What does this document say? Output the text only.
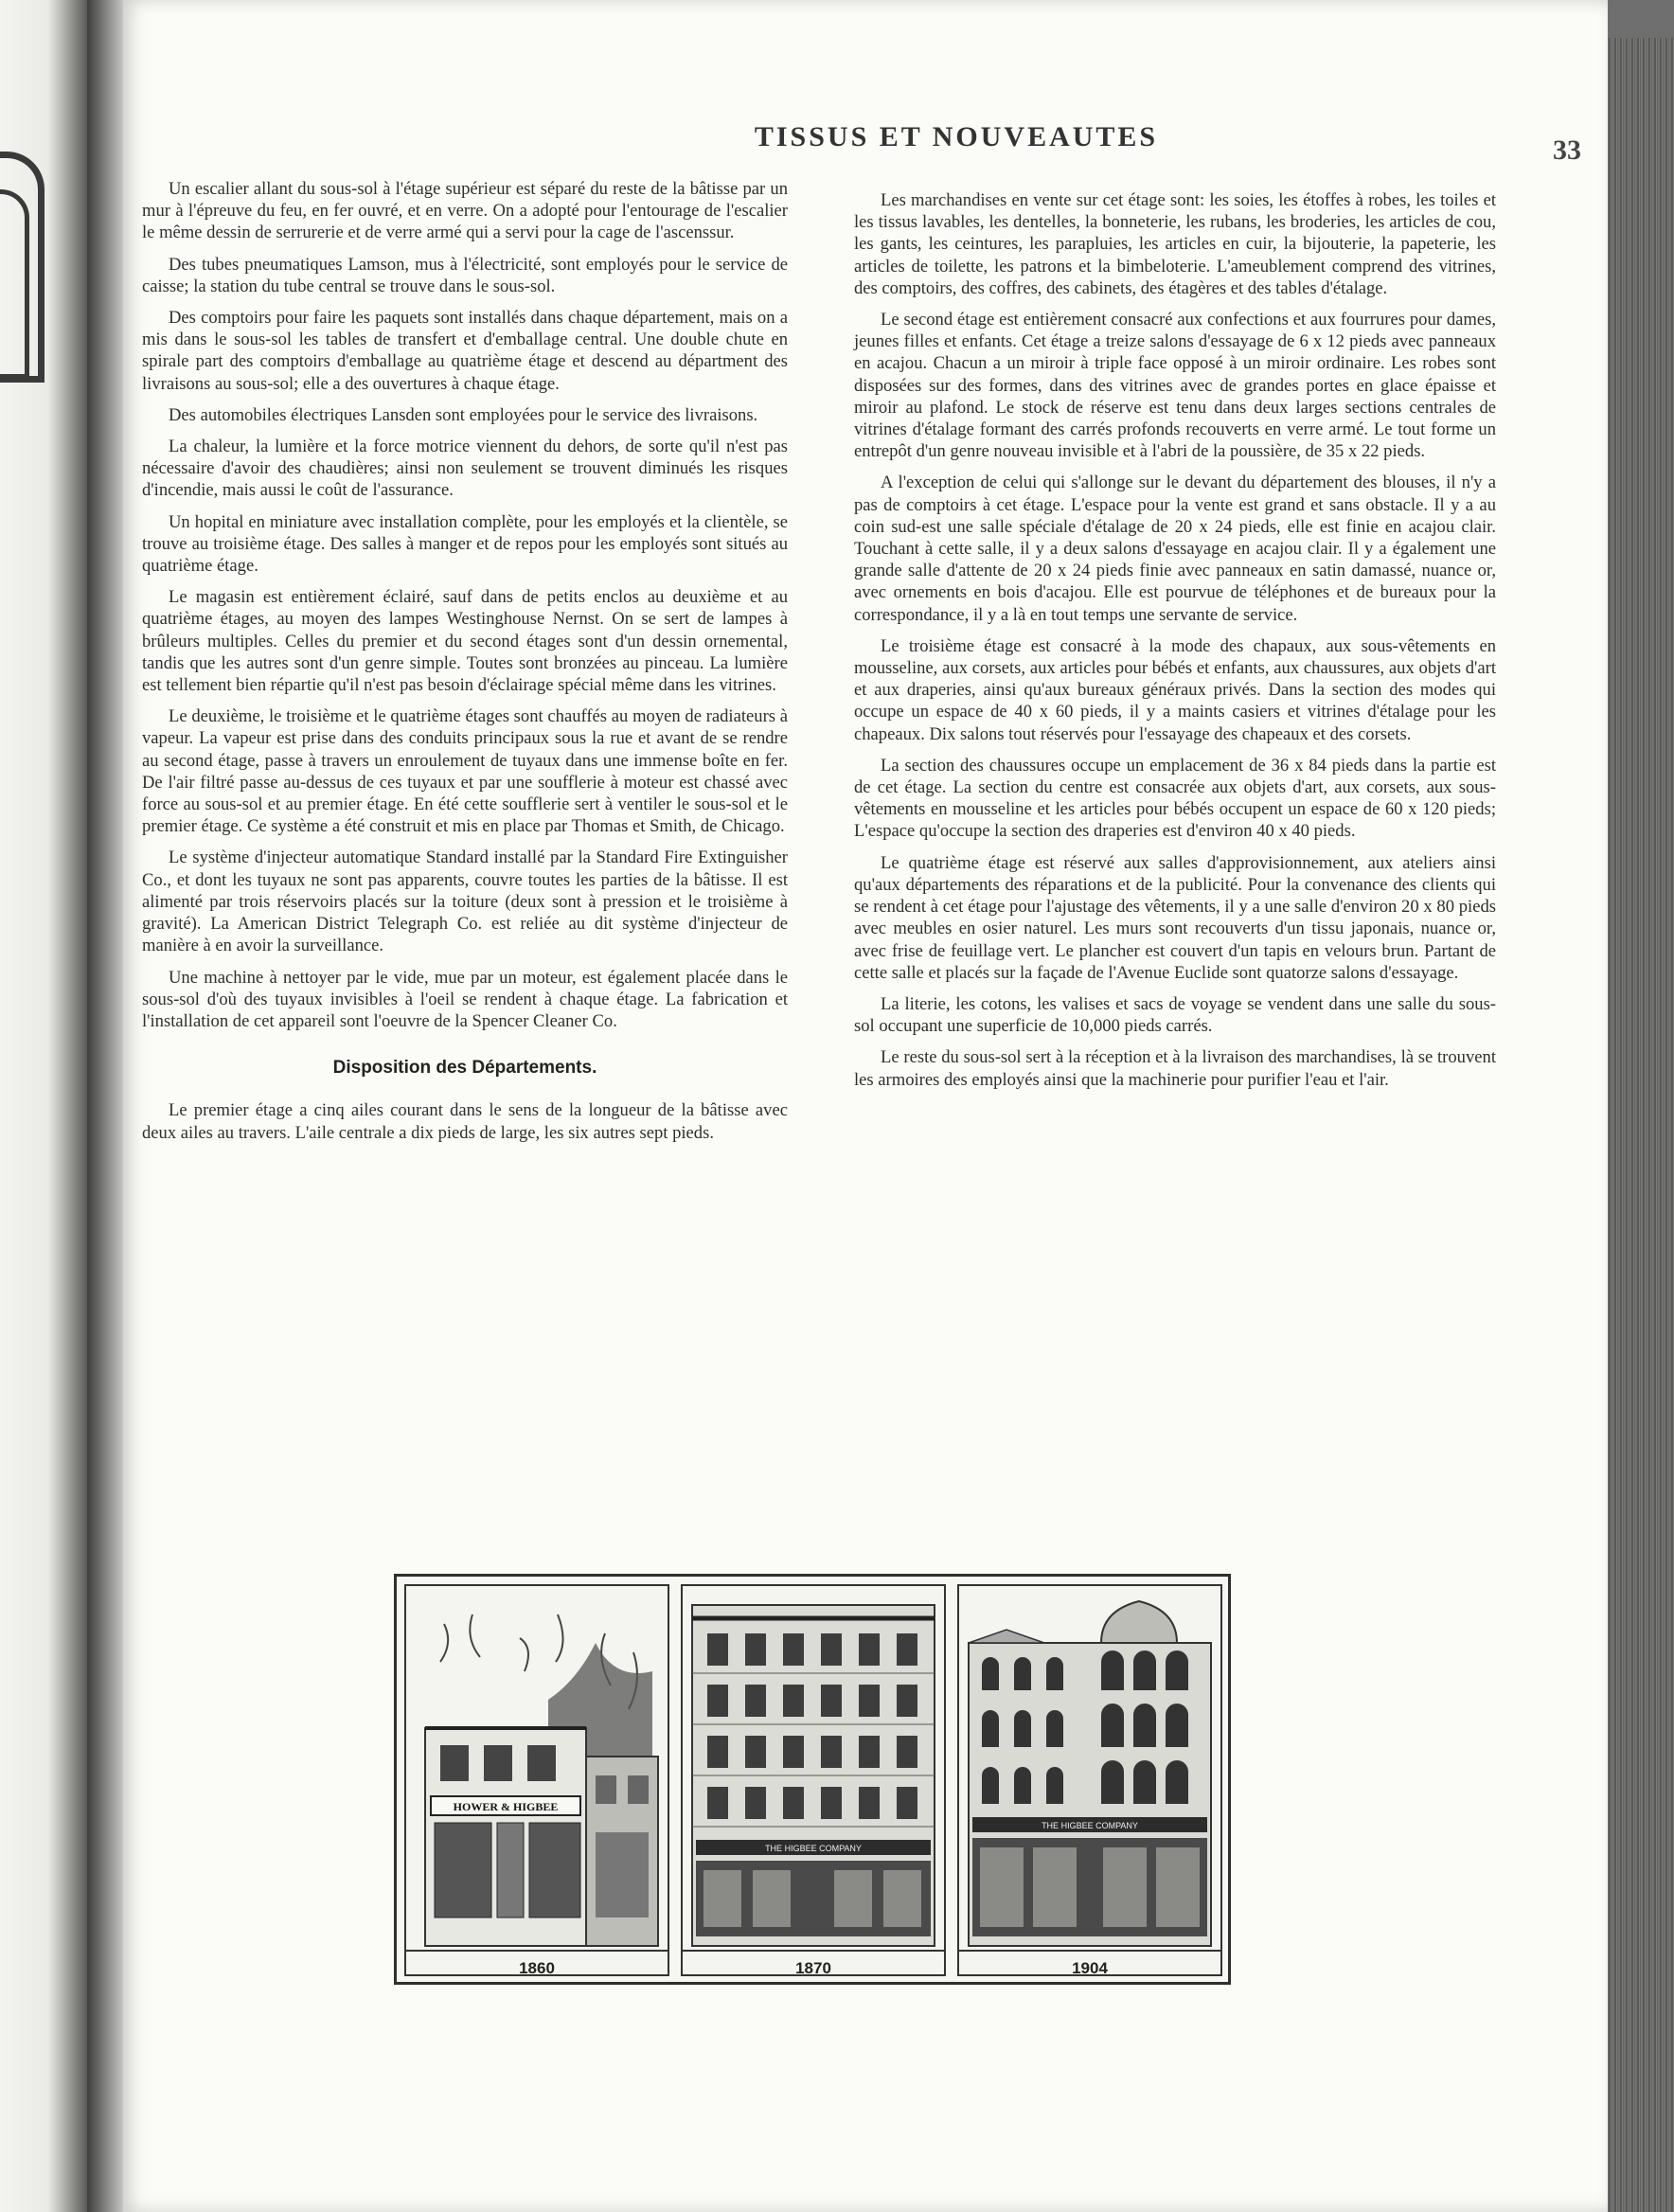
TISSUS ET NOUVEAUTES	33

Un escalier allant du sous-sol à l'étage supérieur est séparé du reste de la bâtisse par un mur à l'épreuve du feu, en fer ouvré, et en verre. On a adopté pour l'entourage de l'escalier le même dessin de serrurerie et de verre armé qui a servi pour la cage de l'ascenssur.

Des tubes pneumatiques Lamson, mus à l'électricité, sont employés pour le service de caisse; la station du tube central se trouve dans le sous-sol.

Des comptoirs pour faire les paquets sont installés dans chaque département, mais on a mis dans le sous-sol les tables de transfert et d'emballage central. Une double chute en spirale part des comptoirs d'emballage au quatrième étage et descend au départment des livraisons au sous-sol; elle a des ouvertures à chaque étage.

Des automobiles électriques Lansden sont employées pour le service des livraisons.

La chaleur, la lumière et la force motrice viennent du dehors, de sorte qu'il n'est pas nécessaire d'avoir des chaudières; ainsi non seulement se trouvent diminués les risques d'incendie, mais aussi le coût de l'assurance.

Un hopital en miniature avec installation complète, pour les employés et la clientèle, se trouve au troisième étage. Des salles à manger et de repos pour les employés sont situés au quatrième étage.

Le magasin est entièrement éclairé, sauf dans de petits enclos au deuxième et au quatrième étages, au moyen des lampes Westinghouse Nernst. On se sert de lampes à brûleurs multiples. Celles du premier et du second étages sont d'un dessin ornemental, tandis que les autres sont d'un genre simple. Toutes sont bronzées au pinceau. La lumière est tellement bien répartie qu'il n'est pas besoin d'éclairage spécial même dans les vitrines.

Le deuxième, le troisième et le quatrième étages sont chauffés au moyen de radiateurs à vapeur. La vapeur est prise dans des conduits principaux sous la rue et avant de se rendre au second étage, passe à travers un enroulement de tuyaux dans une immense boîte en fer. De l'air filtré passe au-dessus de ces tuyaux et par une soufflerie à moteur est chassé avec force au sous-sol et au premier étage. En été cette soufflerie sert à ventiler le sous-sol et le premier étage. Ce système a été construit et mis en place par Thomas et Smith, de Chicago.

Le système d'injecteur automatique Standard installé par la Standard Fire Extinguisher Co., et dont les tuyaux ne sont pas apparents, couvre toutes les parties de la bâtisse. Il est alimenté par trois réservoirs placés sur la toiture (deux sont à pression et le troisième à gravité). La American District Telegraph Co. est reliée au dit système d'injecteur de manière à en avoir la surveillance.

Une machine à nettoyer par le vide, mue par un moteur, est également placée dans le sous-sol d'où des tuyaux invisibles à l'oeil se rendent à chaque étage. La fabrication et l'installation de cet appareil sont l'oeuvre de la Spencer Cleaner Co.

Disposition des Départements.

Le premier étage a cinq ailes courant dans le sens de la longueur de la bâtisse avec deux ailes au travers. L'aile centrale a dix pieds de large, les six autres sept pieds.

Les marchandises en vente sur cet étage sont: les soies, les étoffes à robes, les toiles et les tissus lavables, les dentelles, la bonneterie, les rubans, les broderies, les articles de cou, les gants, les ceintures, les parapluies, les articles en cuir, la bijouterie, la papeterie, les articles de toilette, les patrons et la bimbeloterie. L'ameublement comprend des vitrines, des comptoirs, des coffres, des cabinets, des étagères et des tables d'étalage.

Le second étage est entièrement consacré aux confections et aux fourrures pour dames, jeunes filles et enfants. Cet étage a treize salons d'essayage de 6 x 12 pieds avec panneaux en acajou. Chacun a un miroir à triple face opposé à un miroir ordinaire. Les robes sont disposées sur des formes, dans des vitrines avec de grandes portes en glace épaisse et miroir au plafond. Le stock de réserve est tenu dans deux larges sections centrales de vitrines d'étalage formant des carrés profonds recouverts en verre armé. Le tout forme un entrepôt d'un genre nouveau invisible et à l'abri de la poussière, de 35 x 22 pieds.

A l'exception de celui qui s'allonge sur le devant du département des blouses, il n'y a pas de comptoirs à cet étage. L'espace pour la vente est grand et sans obstacle. Il y a au coin sud-est une salle spéciale d'étalage de 20 x 24 pieds, elle est finie en acajou clair. Touchant à cette salle, il y a deux salons d'essayage en acajou clair. Il y a également une grande salle d'attente de 20 x 24 pieds finie avec panneaux en satin damassé, nuance or, avec ornements en bois d'acajou. Elle est pourvue de téléphones et de bureaux pour la correspondance, il y a là en tout temps une servante de service.

Le troisième étage est consacré à la mode des chapaux, aux sous-vêtements en mousseline, aux corsets, aux articles pour bébés et enfants, aux chaussures, aux objets d'art et aux draperies, ainsi qu'aux bureaux généraux privés. Dans la section des modes qui occupe un espace de 40 x 60 pieds, il y a maints casiers et vitrines d'étalage pour les chapeaux. Dix salons tout réservés pour l'essayage des chapeaux et des corsets.

La section des chaussures occupe un emplacement de 36 x 84 pieds dans la partie est de cet étage. La section du centre est consacrée aux objets d'art, aux corsets, aux sous-vêtements en mousseline et les articles pour bébés occupent un espace de 60 x 120 pieds; L'espace qu'occupe la section des draperies est d'environ 40 x 40 pieds.

Le quatrième étage est réservé aux salles d'approvisionnement, aux ateliers ainsi qu'aux départements des réparations et de la publicité. Pour la convenance des clients qui se rendent à cet étage pour l'ajustage des vêtements, il y a une salle d'environ 20 x 80 pieds avec meubles en osier naturel. Les murs sont recouverts d'un tissu japonais, nuance or, avec frise de feuillage vert. Le plancher est couvert d'un tapis en velours brun. Partant de cette salle et placés sur la façade de l'Avenue Euclide sont quatorze salons d'essayage.

La literie, les cotons, les valises et sacs de voyage se vendent dans une salle du sous-sol occupant une superficie de 10,000 pieds carrés.

Le reste du sous-sol sert à la réception et à la livraison des marchandises, là se trouvent les armoires des employés ainsi que la machinerie pour purifier l'eau et l'air.

HOWER & HIGBEE
1860
THE HIGBEE COMPANY
1870
THE HIGBEE COMPANY
1904
